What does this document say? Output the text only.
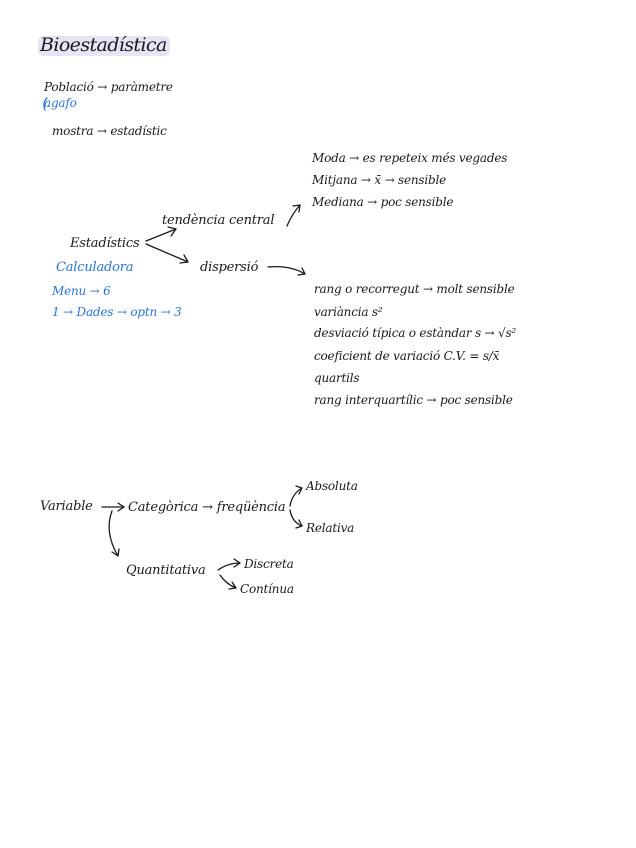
Bioestadística
Població → paràmetre
agafo
mostra → estadístic
Moda → es repeteix més vegades
Mitjana → x̄ → sensible
Mediana → poc sensible
tendència central
Estadístics
Calculadora
Menu → 6
1 → Dades → optn → 3
dispersió
rang o recorregut → molt sensible
variància s²
desviació típica o estàndar s → √s²
coeficient de variació C.V. = s/x̄
quartils
rang interquartílic → poc sensible
Variable	Categòrica → freqüència
Absoluta
Relativa
Quantitativa	Discreta
Contínua
